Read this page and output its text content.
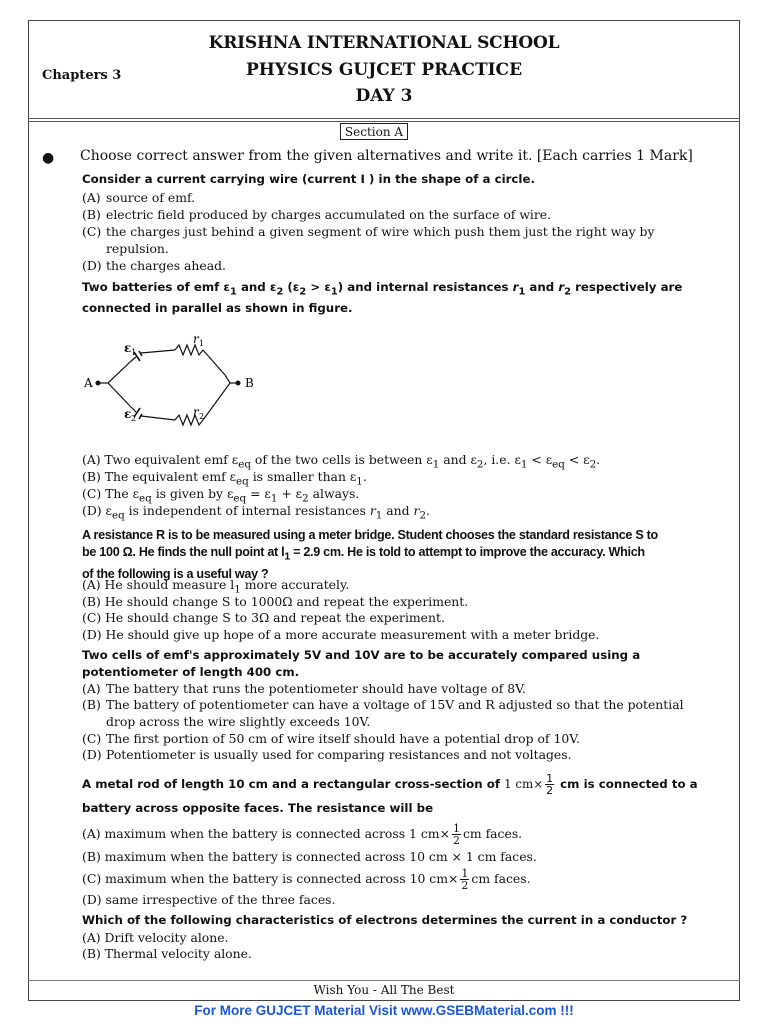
KRISHNA INTERNATIONAL SCHOOL
Chapters 3	PHYSICS GUJCET PRACTICE
DAY 3
Section A
● Choose correct answer from the given alternatives and write it. [Each carries 1 Mark]
Consider a current carrying wire (current I ) in the shape of a circle.
(A) source of emf.
(B) electric field produced by charges accumulated on the surface of wire.
(C) the charges just behind a given segment of wire which push them just the right way by
repulsion.
(D) the charges ahead.
Two batteries of emf $\varepsilon_1$ and $\varepsilon_2$ $(\varepsilon_2 > \varepsilon_1)$ and internal resistances $r_1$ and $r_2$ respectively are
connected in parallel as shown in figure.
A	B
ε 1
ε 2
r 1
r 2
(A) Two equivalent emf $\varepsilon_{eq}$ of the two cells is between $\varepsilon_1$ and $\varepsilon_2$, i.e. $\varepsilon_1 < \varepsilon_{eq} < \varepsilon_2$.
(B) The equivalent emf $\varepsilon_{eq}$ is smaller than $\varepsilon_1$.
(C) The $\varepsilon_{eq}$ is given by $\varepsilon_{eq} = \varepsilon_1 + \varepsilon_2$ always.
(D) $\varepsilon_{eq}$ is independent of internal resistances $r_1$ and $r_2$.
A resistance R is to be measured using a meter bridge. Student chooses the standard resistance S to
be 100 Ω. He finds the null point at $l_1 = 2.9$ cm. He is told to attempt to improve the accuracy. Which
of the following is a useful way ?
(A) He should measure $l_1$ more accurately.
(B) He should change S to 1000Ω and repeat the experiment.
(C) He should change S to 3Ω and repeat the experiment.
(D) He should give up hope of a more accurate measurement with a meter bridge.
Two cells of emf's approximately 5V and 10V are to be accurately compared using a
potentiometer of length 400 cm.
(A) The battery that runs the potentiometer should have voltage of 8V.
(B) The battery of potentiometer can have a voltage of 15V and R adjusted so that the potential
drop across the wire slightly exceeds 10V.
(C) The first portion of 50 cm of wire itself should have a potential drop of 10V.
(D) Potentiometer is usually used for comparing resistances and not voltages.
A metal rod of length 10 cm and a rectangular cross-section of 1 $cm\times \frac{1}{2}$ cm is connected to a
battery across opposite faces. The resistance will be
(A) maximum when the battery is connected across 1 $cm\times \frac{1}{2}$ cm faces.
(B) maximum when the battery is connected across 10 cm × 1 cm faces.
(C) maximum when the battery is connected across 10 $cm\times \frac{1}{2}$ cm faces.
(D) same irrespective of the three faces.
Which of the following characteristics of electrons determines the current in a conductor ?
(A) Drift velocity alone.
(B) Thermal velocity alone.
Wish You - All The Best
For More GUJCET Material Visit www.GSEBMaterial.com !!!
